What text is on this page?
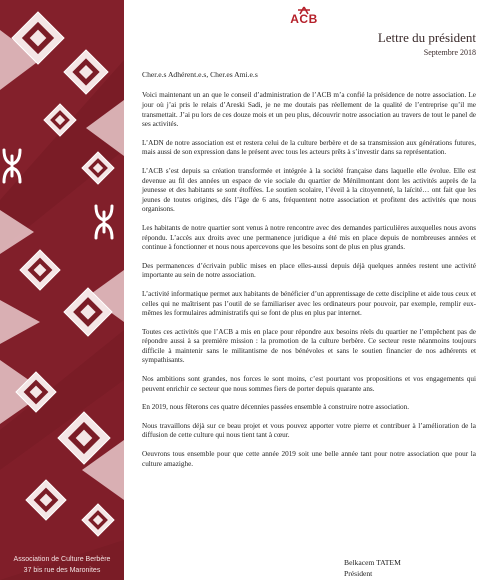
Association de Culture Berbère
37 bis rue des Maronites
ACB
Lettre du président
Septembre 2018

Cher.e.s Adhérent.e.s, Cher.es Ami.e.s

Voici maintenant un an que le conseil d’administration de l’ACB m’a confié la présidence de notre association. Le jour où j’ai pris le relais d’Areski Sadi, je ne me doutais pas réellement de la qualité de l’entreprise qu’il me transmettait. J’ai pu lors de ces douze mois et un peu plus, découvrir notre association au travers de tout le panel de ses activités.

L’ADN de notre association est et restera celui de la culture berbère et de sa transmission aux générations futures, mais aussi de son expression dans le présent avec tous les acteurs prêts à s’investir dans sa représentation.

L’ACB s’est depuis sa création transformée et intégrée à la société française dans laquelle elle évolue. Elle est devenue au fil des années un espace de vie sociale du quartier de Ménilmontant dont les activités auprès de la jeunesse et des habitants se sont étoffées. Le soutien scolaire, l’éveil à la citoyenneté, la laïcité… ont fait que les jeunes de toutes origines, dès l’âge de 6 ans, fréquentent notre association et profitent des activités que nous organisons.

Les habitants de notre quartier sont venus à notre rencontre avec des demandes particulières auxquelles nous avons répondu. L’accès aux droits avec une permanence juridique a été mis en place depuis de nombreuses années et continue à fonctionner et nous nous apercevons que les besoins sont de plus en plus grands.

Des permanences d’écrivain public mises en place elles-aussi depuis déjà quelques années restent une activité importante au sein de notre association.

L’activité informatique permet aux habitants de bénéficier d’un apprentissage de cette discipline et aide tous ceux et celles qui ne maîtrisent pas l’outil de se familiariser avec les ordinateurs pour pouvoir, par exemple, remplir eux-mêmes les formulaires administratifs qui se font de plus en plus par internet.

Toutes ces activités que l’ACB a mis en place pour répondre aux besoins réels du quartier ne l’empêchent pas de répondre aussi à sa première mission : la promotion de la culture berbère. Ce secteur reste néanmoins toujours difficile à maintenir sans le militantisme de nos bénévoles et sans le soutien financier de nos adhérents et sympathisants.

Nos ambitions sont grandes, nos forces le sont moins, c’est pourtant vos propositions et vos engagements qui peuvent enrichir ce secteur que nous sommes fiers de porter depuis quarante ans.

En 2019, nous fêterons ces quatre décennies passées ensemble à construire notre association.

Nous travaillons déjà sur ce beau projet et vous pouvez apporter votre pierre et contribuer à l’amélioration de la diffusion de cette culture qui nous tient tant à cœur.

Oeuvrons tous ensemble pour que cette année 2019 soit une belle année tant pour notre association que pour la culture amazighe.

Belkacem TATEM
Président
